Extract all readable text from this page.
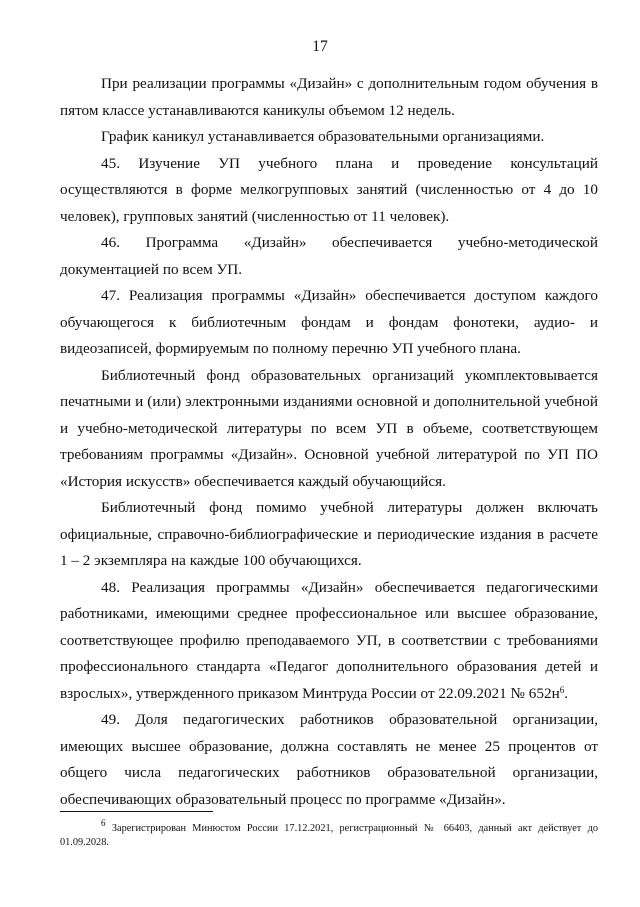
17

При реализации программы «Дизайн» с дополнительным годом обучения в пятом классе устанавливаются каникулы объемом 12 недель.

График каникул устанавливается образовательными организациями.

45. Изучение УП учебного плана и проведение консультаций осуществляются в форме мелкогрупповых занятий (численностью от 4 до 10 человек), групповых занятий (численностью от 11 человек).

46. Программа «Дизайн» обеспечивается учебно-методической документацией по всем УП.

47. Реализация программы «Дизайн» обеспечивается доступом каждого обучающегося к библиотечным фондам и фондам фонотеки, аудио- и видеозаписей, формируемым по полному перечню УП учебного плана.

Библиотечный фонд образовательных организаций укомплектовывается печатными и (или) электронными изданиями основной и дополнительной учебной и учебно-методической литературы по всем УП в объеме, соответствующем требованиям программы «Дизайн». Основной учебной литературой по УП ПО «История искусств» обеспечивается каждый обучающийся.

Библиотечный фонд помимо учебной литературы должен включать официальные, справочно-библиографические и периодические издания в расчете 1 – 2 экземпляра на каждые 100 обучающихся.

48. Реализация программы «Дизайн» обеспечивается педагогическими работниками, имеющими среднее профессиональное или высшее образование, соответствующее профилю преподаваемого УП, в соответствии с требованиями профессионального стандарта «Педагог дополнительного образования детей и взрослых», утвержденного приказом Минтруда России от 22.09.2021 № $652н^6$.

49. Доля педагогических работников образовательной организации, имеющих высшее образование, должна составлять не менее 25 процентов от общего числа педагогических работников образовательной организации, обеспечивающих образовательный процесс по программе «Дизайн».

$^6$ Зарегистрирован Минюстом России 17.12.2021, регистрационный № 66403, данный акт действует до 01.09.2028.
